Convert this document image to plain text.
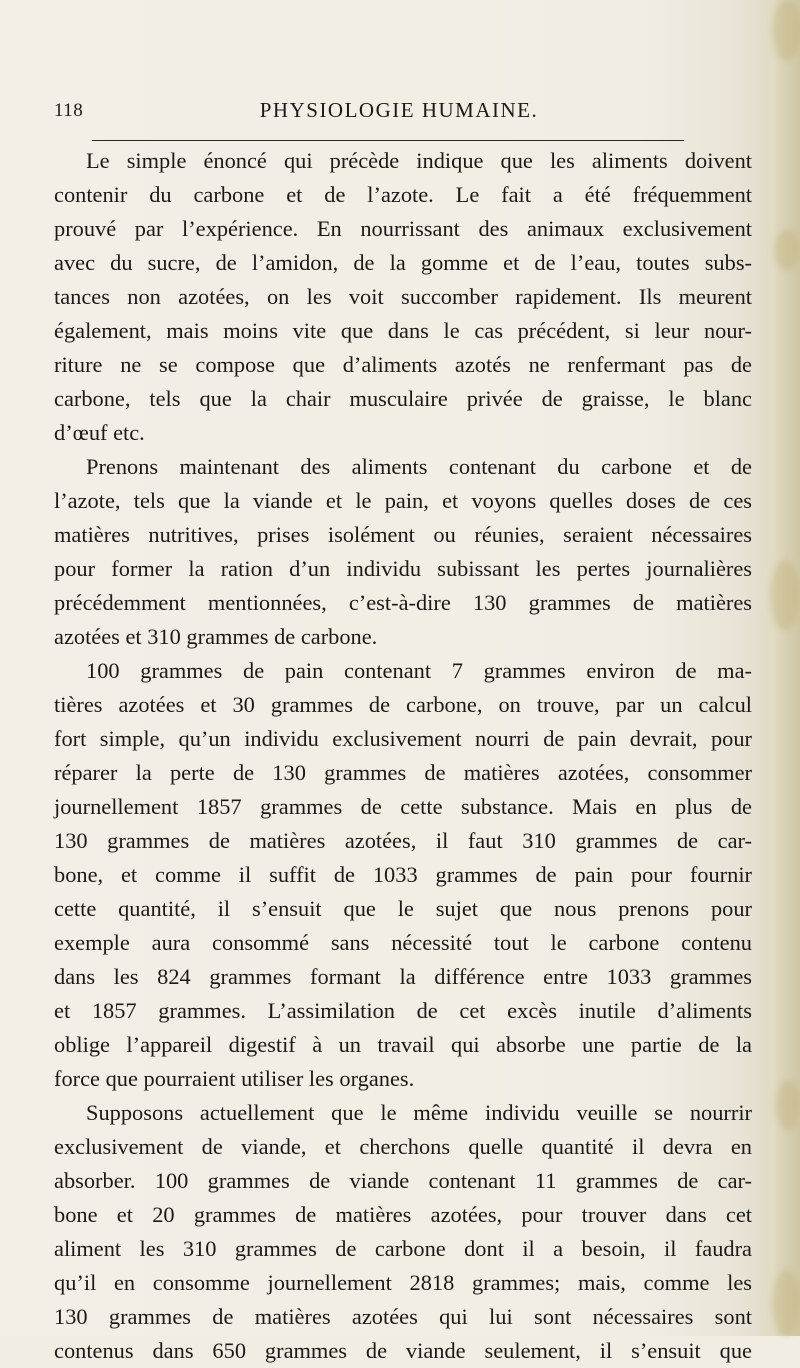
118	PHYSIOLOGIE HUMAINE.
Le simple énoncé qui précède indique que les aliments doivent
contenir du carbone et de l’azote. Le fait a été fréquemment
prouvé par l’expérience. En nourrissant des animaux exclusivement
avec du sucre, de l’amidon, de la gomme et de l’eau, toutes subs-
tances non azotées, on les voit succomber rapidement. Ils meurent
également, mais moins vite que dans le cas précédent, si leur nour-
riture ne se compose que d’aliments azotés ne renfermant pas de
carbone, tels que la chair musculaire privée de graisse, le blanc
d’œuf etc.
Prenons maintenant des aliments contenant du carbone et de
l’azote, tels que la viande et le pain, et voyons quelles doses de ces
matières nutritives, prises isolément ou réunies, seraient nécessaires
pour former la ration d’un individu subissant les pertes journalières
précédemment mentionnées, c’est-à-dire 130 grammes de matières
azotées et 310 grammes de carbone.
100 grammes de pain contenant 7 grammes environ de ma-
tières azotées et 30 grammes de carbone, on trouve, par un calcul
fort simple, qu’un individu exclusivement nourri de pain devrait, pour
réparer la perte de 130 grammes de matières azotées, consommer
journellement 1857 grammes de cette substance. Mais en plus de
130 grammes de matières azotées, il faut 310 grammes de car-
bone, et comme il suffit de 1033 grammes de pain pour fournir
cette quantité, il s’ensuit que le sujet que nous prenons pour
exemple aura consommé sans nécessité tout le carbone contenu
dans les 824 grammes formant la différence entre 1033 grammes
et 1857 grammes. L’assimilation de cet excès inutile d’aliments
oblige l’appareil digestif à un travail qui absorbe une partie de la
force que pourraient utiliser les organes.
Supposons actuellement que le même individu veuille se nourrir
exclusivement de viande, et cherchons quelle quantité il devra en
absorber. 100 grammes de viande contenant 11 grammes de car-
bone et 20 grammes de matières azotées, pour trouver dans cet
aliment les 310 grammes de carbone dont il a besoin, il faudra
qu’il en consomme journellement 2818 grammes; mais, comme les
130 grammes de matières azotées qui lui sont nécessaires sont
contenus dans 650 grammes de viande seulement, il s’ensuit que
